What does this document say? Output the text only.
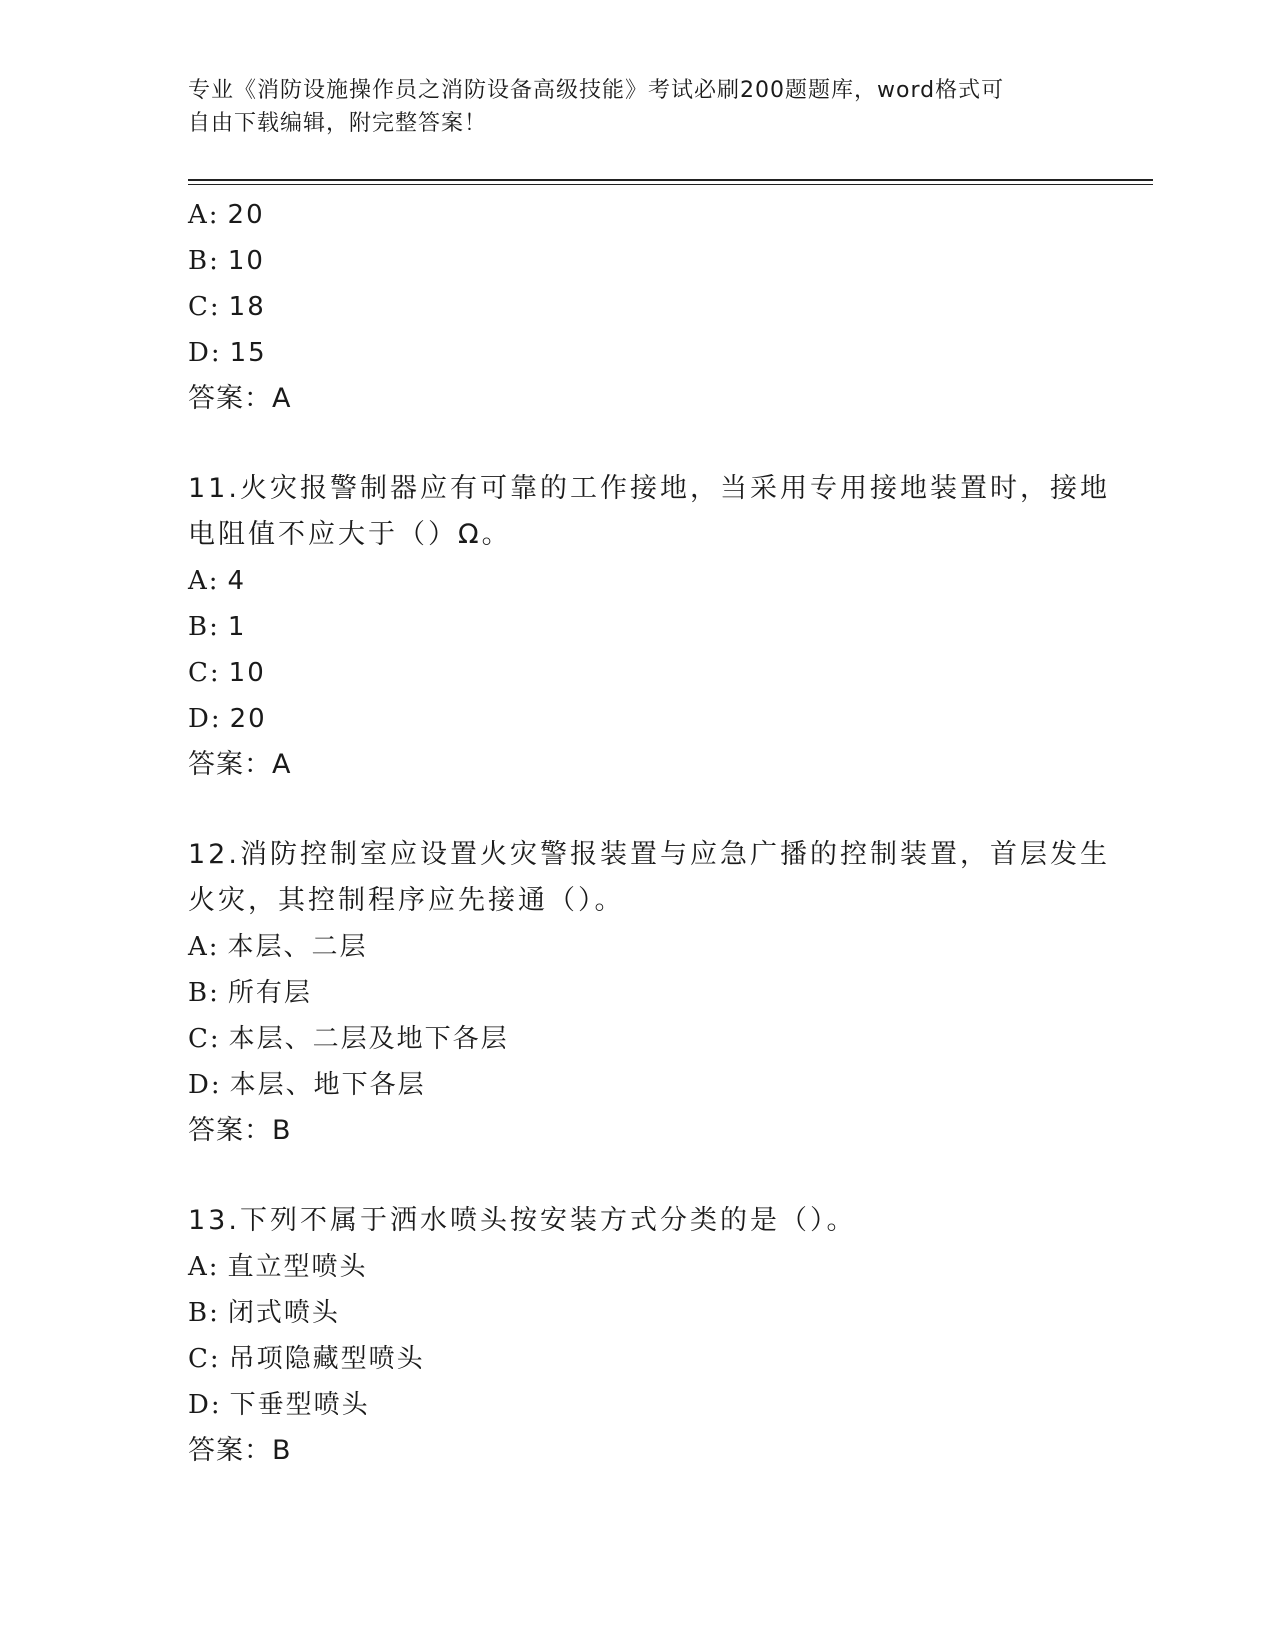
专业《消防设施操作员之消防设备高级技能》考试必刷200题题库，word格式可
自由下载编辑，附完整答案！
A: 20
B: 10
C: 18
D: 15
答案：A
11.火灾报警制器应有可靠的工作接地，当采用专用接地装置时，接地
电阻值不应大于（）Ω。
A: 4
B: 1
C: 10
D: 20
答案：A
12.消防控制室应设置火灾警报装置与应急广播的控制装置，首层发生
火灾，其控制程序应先接通（）。
A: 本层、二层
B: 所有层
C: 本层、二层及地下各层
D: 本层、地下各层
答案：B
13.下列不属于洒水喷头按安装方式分类的是（）。
A: 直立型喷头
B: 闭式喷头
C: 吊项隐藏型喷头
D: 下垂型喷头
答案：B
